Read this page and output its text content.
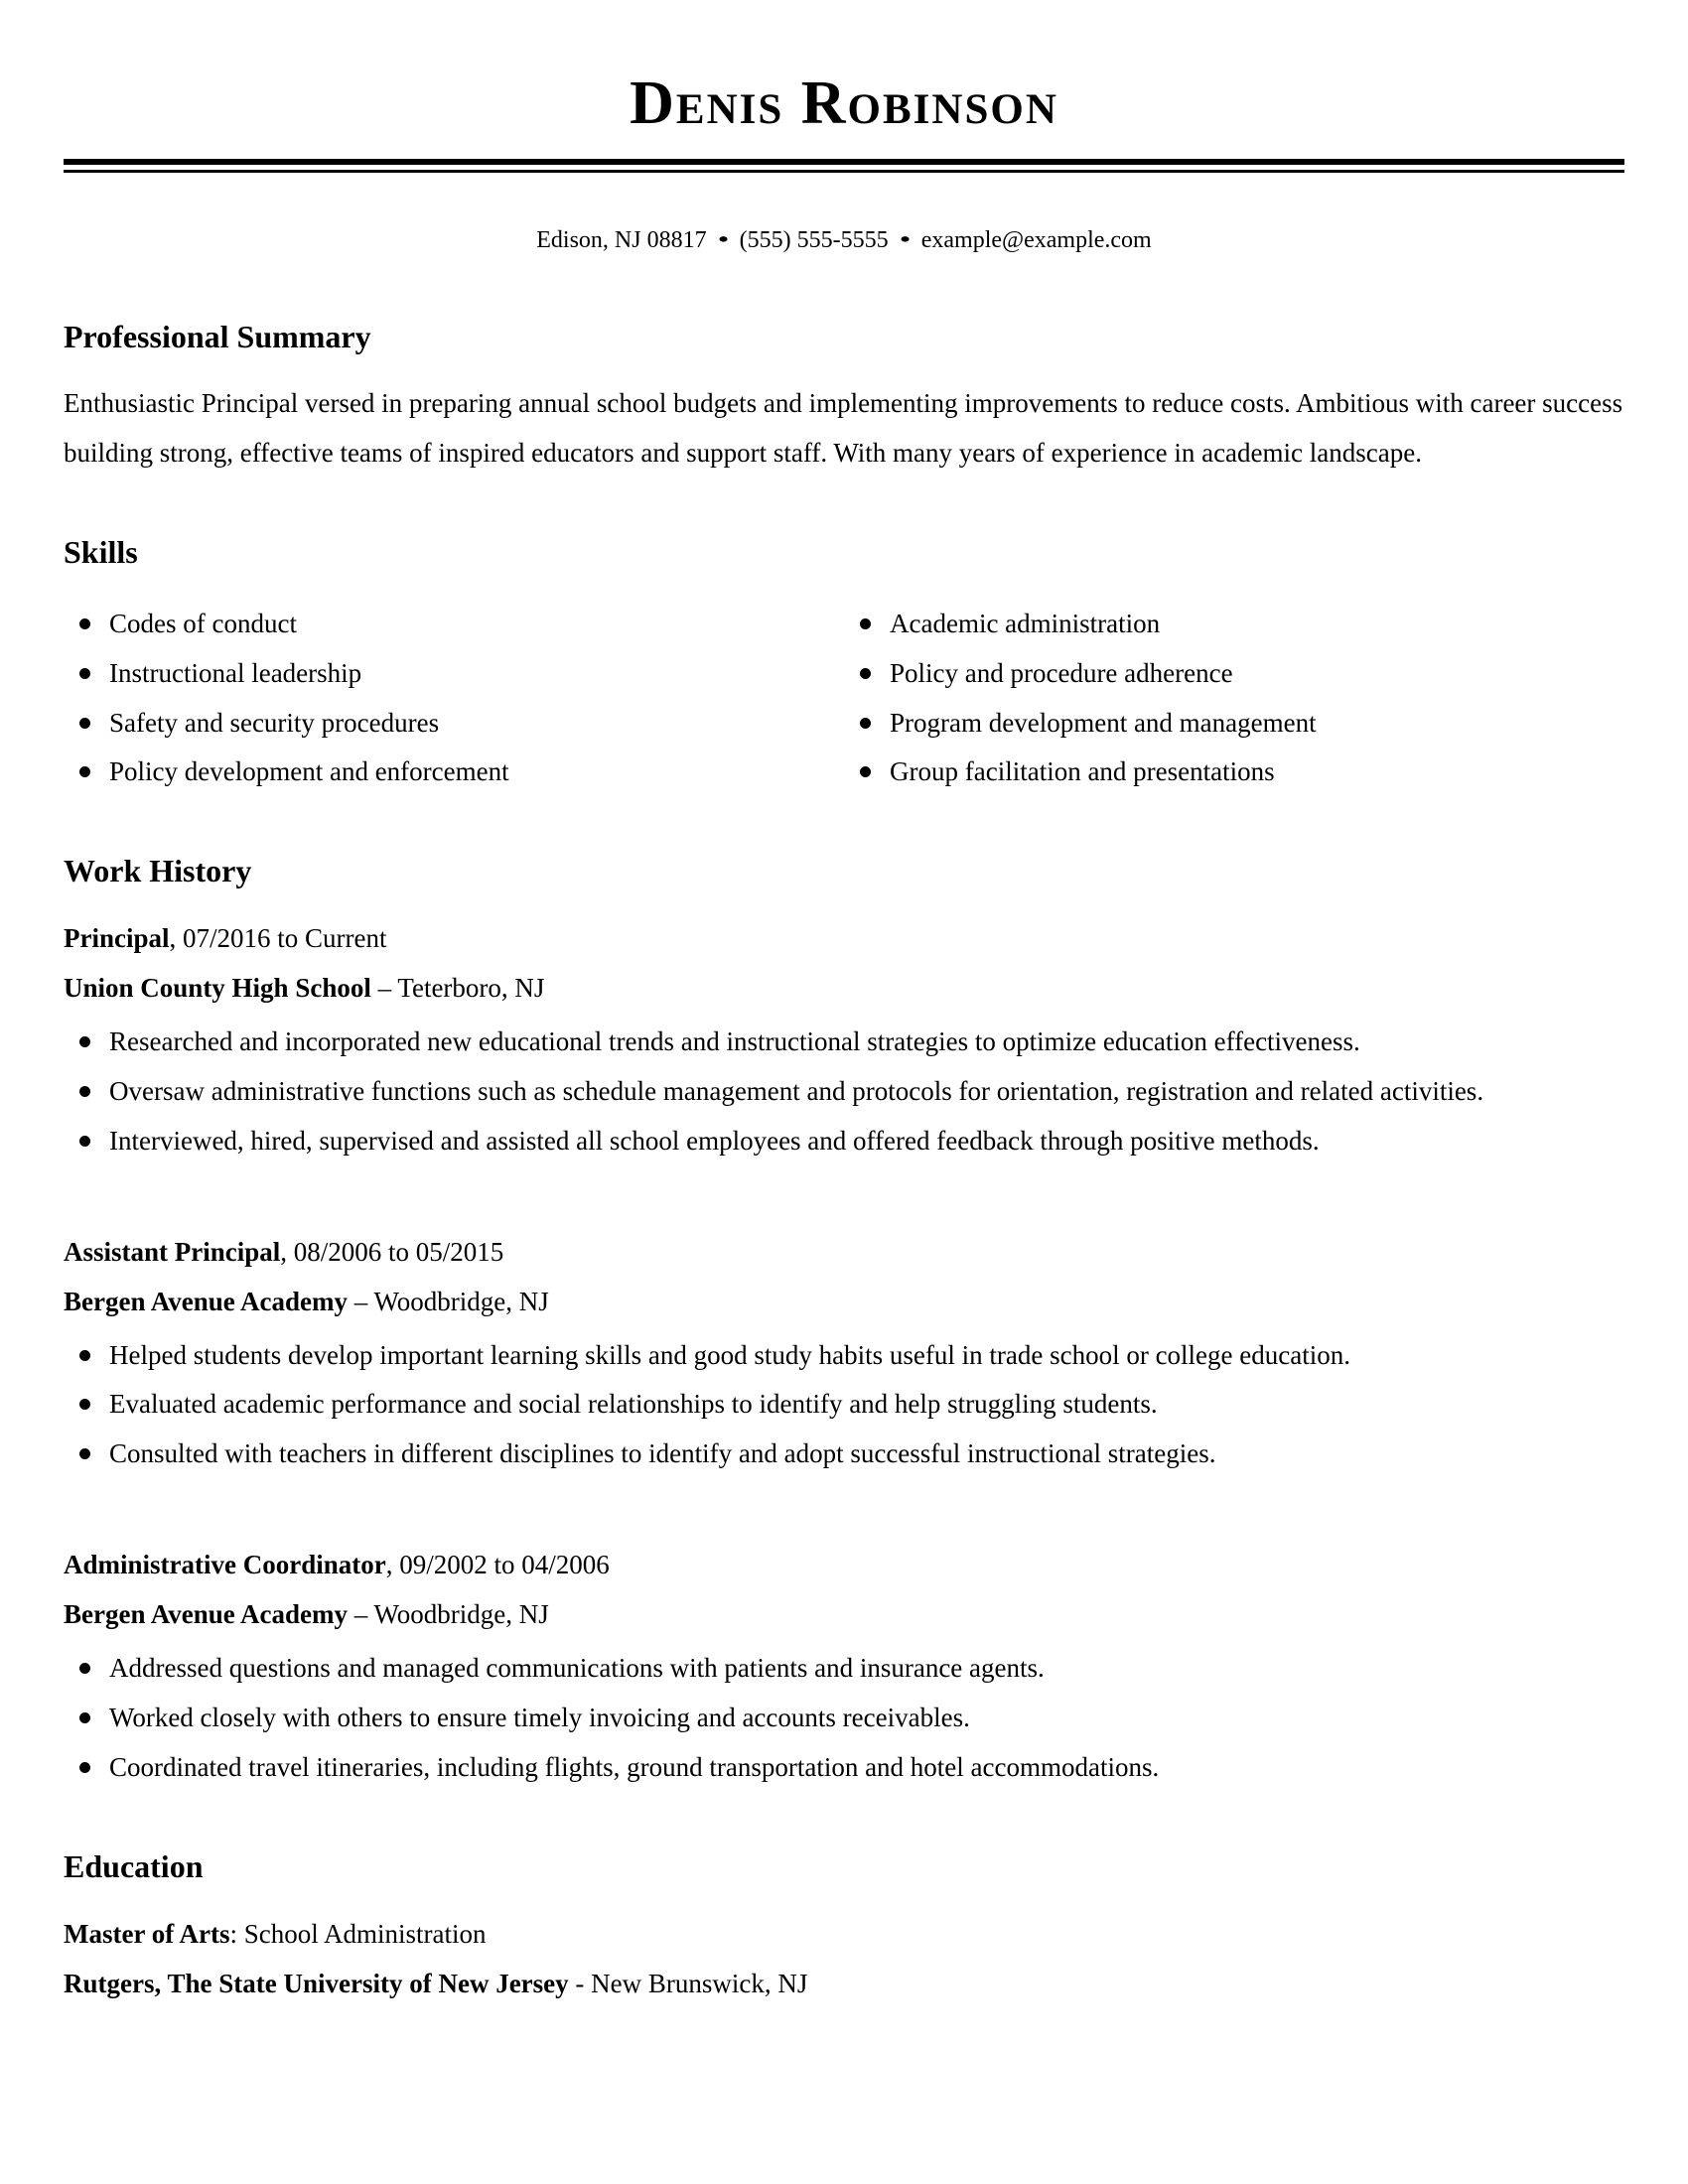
Denis Robinson
Edison, NJ 08817 ● (555) 555-5555 ● example@example.com
Professional Summary

Enthusiastic Principal versed in preparing annual school budgets and implementing improvements to reduce costs. Ambitious with career success building strong, effective teams of inspired educators and support staff. With many years of experience in academic landscape.

Skills
Codes of conduct
Instructional leadership
Safety and security procedures
Policy development and enforcement
Academic administration
Policy and procedure adherence
Program development and management
Group facilitation and presentations
Work History

Principal, 07/2016 to Current

Union County High School – Teterboro, NJ

Researched and incorporated new educational trends and instructional strategies to optimize education effectiveness.
Oversaw administrative functions such as schedule management and protocols for orientation, registration and related activities.
Interviewed, hired, supervised and assisted all school employees and offered feedback through positive methods.

Assistant Principal, 08/2006 to 05/2015

Bergen Avenue Academy – Woodbridge, NJ

Helped students develop important learning skills and good study habits useful in trade school or college education.
Evaluated academic performance and social relationships to identify and help struggling students.
Consulted with teachers in different disciplines to identify and adopt successful instructional strategies.

Administrative Coordinator, 09/2002 to 04/2006

Bergen Avenue Academy – Woodbridge, NJ

Addressed questions and managed communications with patients and insurance agents.
Worked closely with others to ensure timely invoicing and accounts receivables.
Coordinated travel itineraries, including flights, ground transportation and hotel accommodations.
Education

Master of Arts: School Administration

Rutgers, The State University of New Jersey - New Brunswick, NJ
